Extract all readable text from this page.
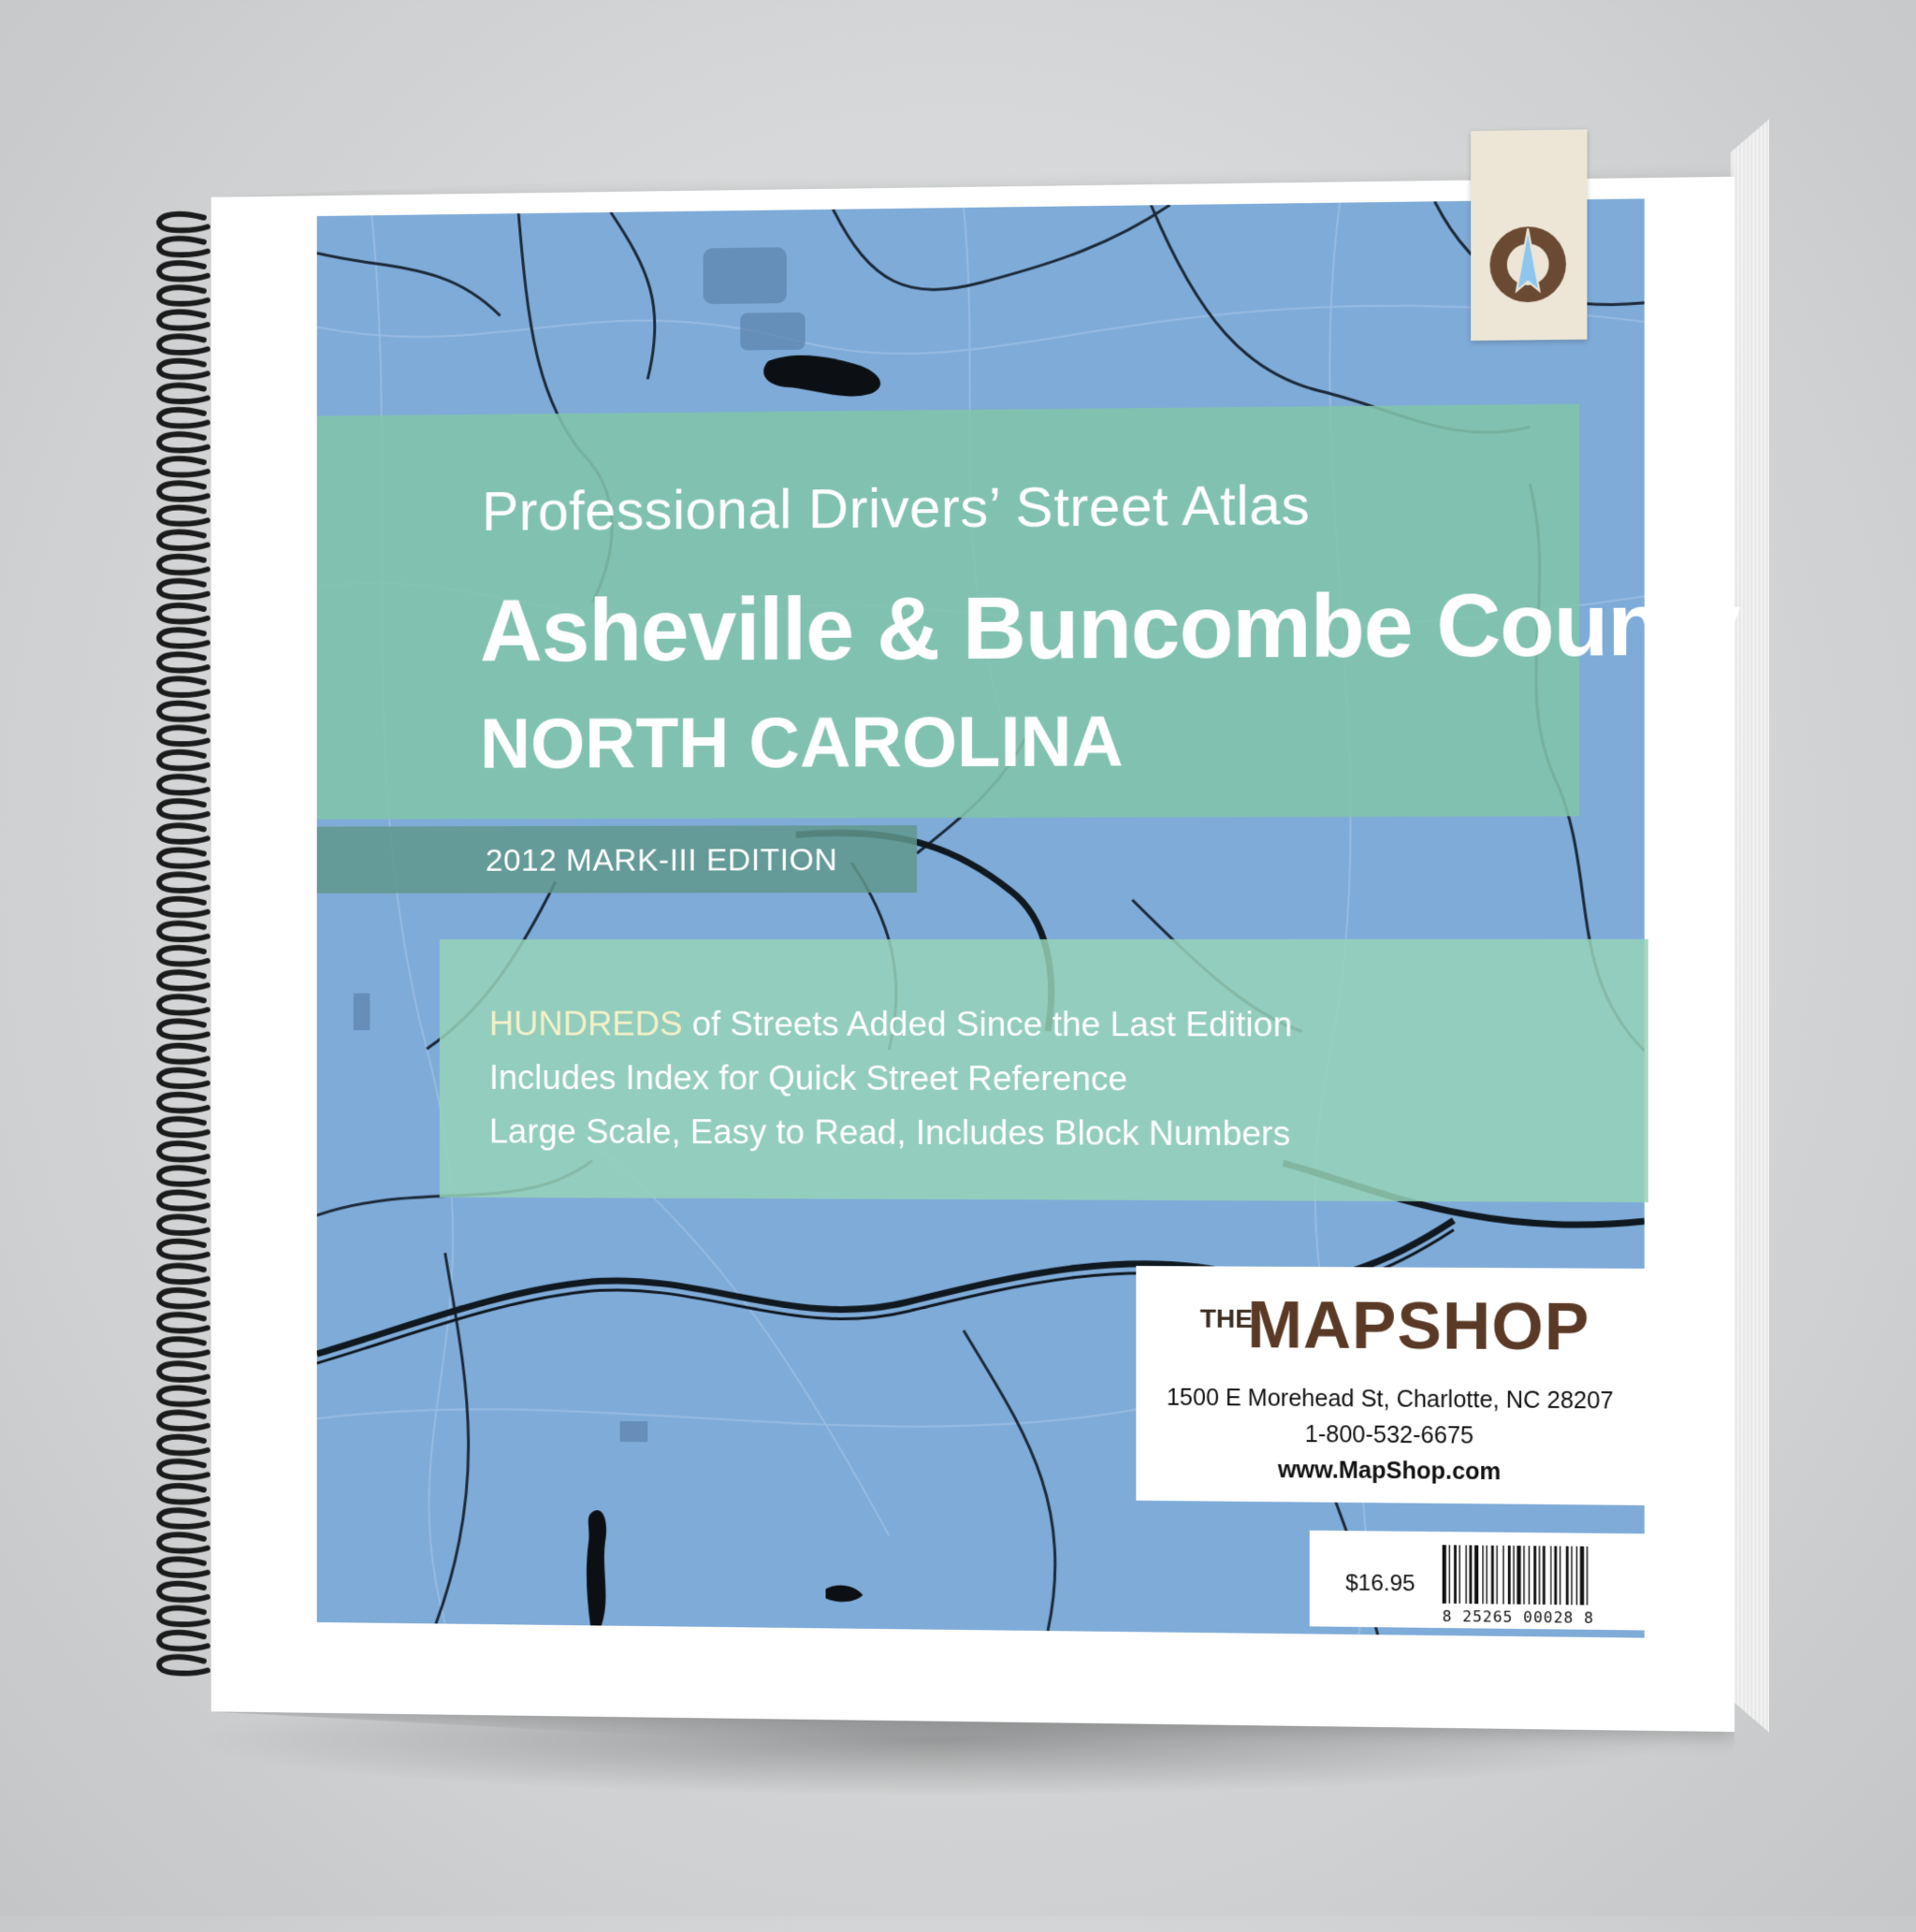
Professional Drivers’ Street Atlas
Asheville & Buncombe County
NORTH CAROLINA
2012 MARK-III EDITION
HUNDREDS of Streets Added Since the Last Edition
Includes Index for Quick Street Reference
Large Scale, Easy to Read, Includes Block Numbers
THE
MAPSHOP
1500 E Morehead St, Charlotte, NC 28207
1-800-532-6675
www.MapShop.com
$16.95
8 25265 00028 8
